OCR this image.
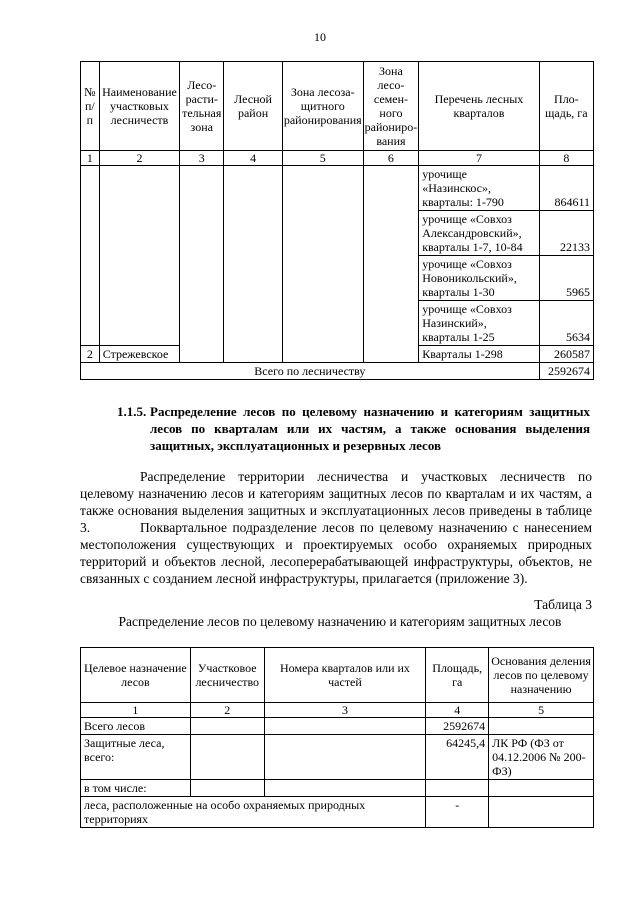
10
№ п/п	Наименование участковых лесничеств	Лесо-расти-тельная зона	Лесной район	Зона лесоза-щитного районирования	Зона лесо-семен-ного райониро-вания	Перечень лесных кварталов	Пло-щадь, га
1	2	3	4	5	6	7	8
						урочище «Назинскос», кварталы: 1-790	864611
						урочище «Совхоз Александровский», кварталы 1-7, 10-84	22133
						урочище «Совхоз Новоникольский», кварталы 1-30	5965
						урочище «Совхоз Назинский», кварталы 1-25	5634
2	Стрежевское					Кварталы 1-298	260587
Всего по лесничеству							2592674
1.1.5. Распределение лесов по целевому назначению и категориям защитных лесов по кварталам или их частям, а также основания выделения защитных, эксплуатационных и резервных лесов

Распределение территории лесничества и участковых лесничеств по целевому назначению лесов и категориям защитных лесов по кварталам и их частям, а также основания выделения защитных и эксплуатационных лесов приведены в таблице 3.	Поквартальное подразделение лесов по целевому назначению с нанесением местоположения существующих и проектируемых особо охраняемых природных территорий и объектов лесной, лесоперерабатывающей инфраструктуры, объектов, не связанных с созданием лесной инфраструктуры, прилагается (приложение 3).

Таблица 3
Распределение лесов по целевому назначению и категориям защитных лесов
Целевое назначение лесов	Участковое лесничество	Номера кварталов или их частей	Площадь, га	Основания деления лесов по целевому назначению
1	2	3	4	5
Всего лесов			2592674	
Защитные леса, всего:			64245,4	ЛК РФ (ФЗ от 04.12.2006 № 200-ФЗ)
в том числе:				
леса, расположенные на особо охраняемых природных территориях			-	
